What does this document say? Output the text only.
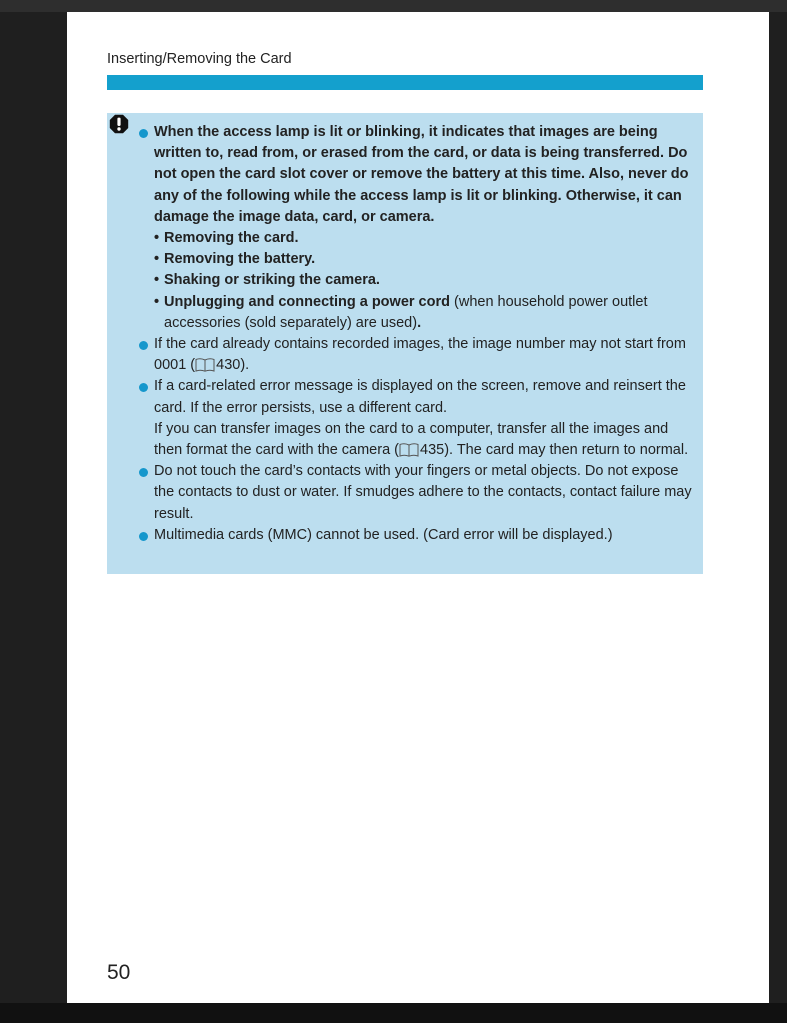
Inserting/Removing the Card
When the access lamp is lit or blinking, it indicates that images are being written to, read from, or erased from the card, or data is being transferred. Do not open the card slot cover or remove the battery at this time. Also, never do any of the following while the access lamp is lit or blinking. Otherwise, it can damage the image data, card, or camera.
• Removing the card.
• Removing the battery.
• Shaking or striking the camera.
• Unplugging and connecting a power cord (when household power outlet accessories (sold separately) are used).
If the card already contains recorded images, the image number may not start from 0001 ( 430).
If a card-related error message is displayed on the screen, remove and reinsert the card. If the error persists, use a different card.
If you can transfer images on the card to a computer, transfer all the images and then format the card with the camera ( 435). The card may then return to normal.
Do not touch the card’s contacts with your fingers or metal objects. Do not expose the contacts to dust or water. If smudges adhere to the contacts, contact failure may result.
Multimedia cards (MMC) cannot be used. (Card error will be displayed.)
50
